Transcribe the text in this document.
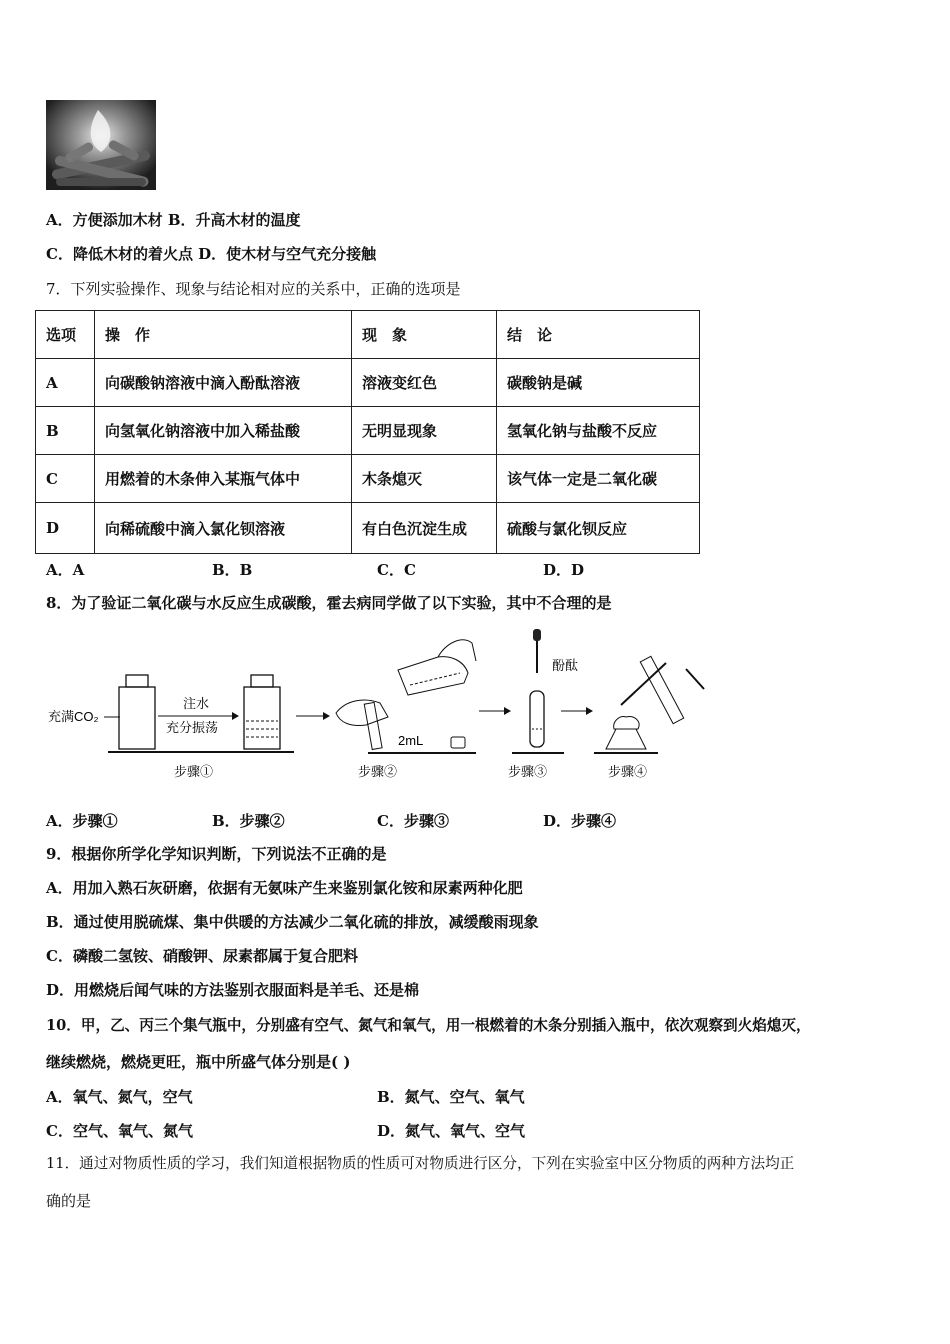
A．方便添加木材 B．升高木材的温度
C．降低木材的着火点 D．使木材与空气充分接触
7．下列实验操作、现象与结论相对应的关系中，正确的选项是
选项	操　作	现　象	结　论
A	向碳酸钠溶液中滴入酚酞溶液	溶液变红色	碳酸钠是碱
B	向氢氧化钠溶液中加入稀盐酸	无明显现象	氢氧化钠与盐酸不反应
C	用燃着的木条伸入某瓶气体中	木条熄灭	该气体一定是二氧化碳
D	向稀硫酸中滴入氯化钡溶液	有白色沉淀生成	硫酸与氯化钡反应
A．A	B．B	C．C	D．D
8．为了验证二氧化碳与水反应生成碳酸，霍去病同学做了以下实验，其中不合理的是
充满CO₂
注水
充分振荡
步骤①
2mL
步骤②
酚酞
步骤③	步骤④
A．步骤①	B．步骤②	C．步骤③	D．步骤④
9．根据你所学化学知识判断，下列说法不正确的是
A．用加入熟石灰研磨，依据有无氨味产生来鉴别氯化铵和尿素两种化肥
B．通过使用脱硫煤、集中供暖的方法减少二氧化硫的排放，减缓酸雨现象
C．磷酸二氢铵、硝酸钾、尿素都属于复合肥料
D．用燃烧后闻气味的方法鉴别衣服面料是羊毛、还是棉
10．甲，乙、丙三个集气瓶中，分别盛有空气、氮气和氧气，用一根燃着的木条分别插入瓶中，依次观察到火焰熄灭，
继续燃烧，燃烧更旺，瓶中所盛气体分别是( )
A．氧气、氮气，空气	B．氮气、空气、氧气
C．空气、氧气、氮气	D．氮气、氧气、空气
11．通过对物质性质的学习，我们知道根据物质的性质可对物质进行区分，下列在实验室中区分物质的两种方法均正
确的是
